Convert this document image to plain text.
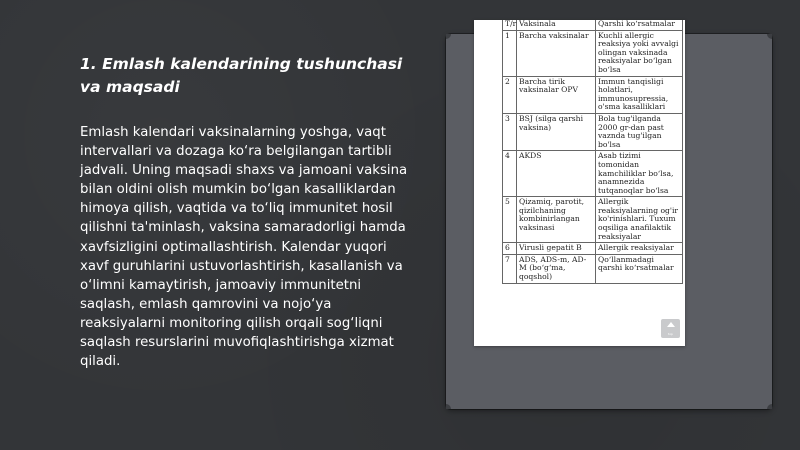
1. Emlash kalendarining tushunchasi va maqsadi

Emlash kalendari vaksinalarning yoshga, vaqt intervallari va dozaga ko‘ra belgilangan tartibli jadvali. Uning maqsadi shaxs va jamoani vaksina bilan oldini olish mumkin bo‘lgan kasalliklardan himoya qilish, vaqtida va to‘liq immunitet hosil qilishni ta'minlash, vaksina samaradorligi hamda xavfsizligini optimallashtirish. Kalendar yuqori xavf guruhlarini ustuvorlashtirish, kasallanish va o‘limni kamaytirish, jamoaviy immunitetni saqlash, emlash qamrovini va nojo‘ya reaksiyalarni monitoring qilish orqali sog‘liqni saqlash resurslarini muvofiqlashtirishga xizmat qiladi.

T/r	Vaksinala	Qarshi ko‘rsatmalar
1	Barcha vaksinalar	Kuchli allergic reaksiya yoki avvalgi olingan vaksinada reaksiyalar bo‘lgan bo‘lsa
2	Barcha tirik vaksinalar OPV	Immun tanqisligi holatlari, immunosupressia, o'sma kasalliklari
3	BSJ (silga qarshi vaksina)	Bola tug'ilganda 2000 gr-dan past vaznda tug'ilgan bo'lsa
4	AKDS	Asab tizimi tomonidan kamchiliklar bo‘lsa, anamnezida tutqanoqlar bo‘lsa
5	Qizamiq, parotit, qizilchaning kombinirlangan vaksinasi	Allergik reaksiyalarning og'ir ko'rinishlari. Tuxum oqsiliga anafilaktik reaksiyalar
6	Virusli gepatit B	Allergik reaksiyalar
7	ADS, ADS-m, AD-M (bo‘g‘ma, qoqshol)	Qo‘llanmadagi qarshi ko‘rsatmalar
top
